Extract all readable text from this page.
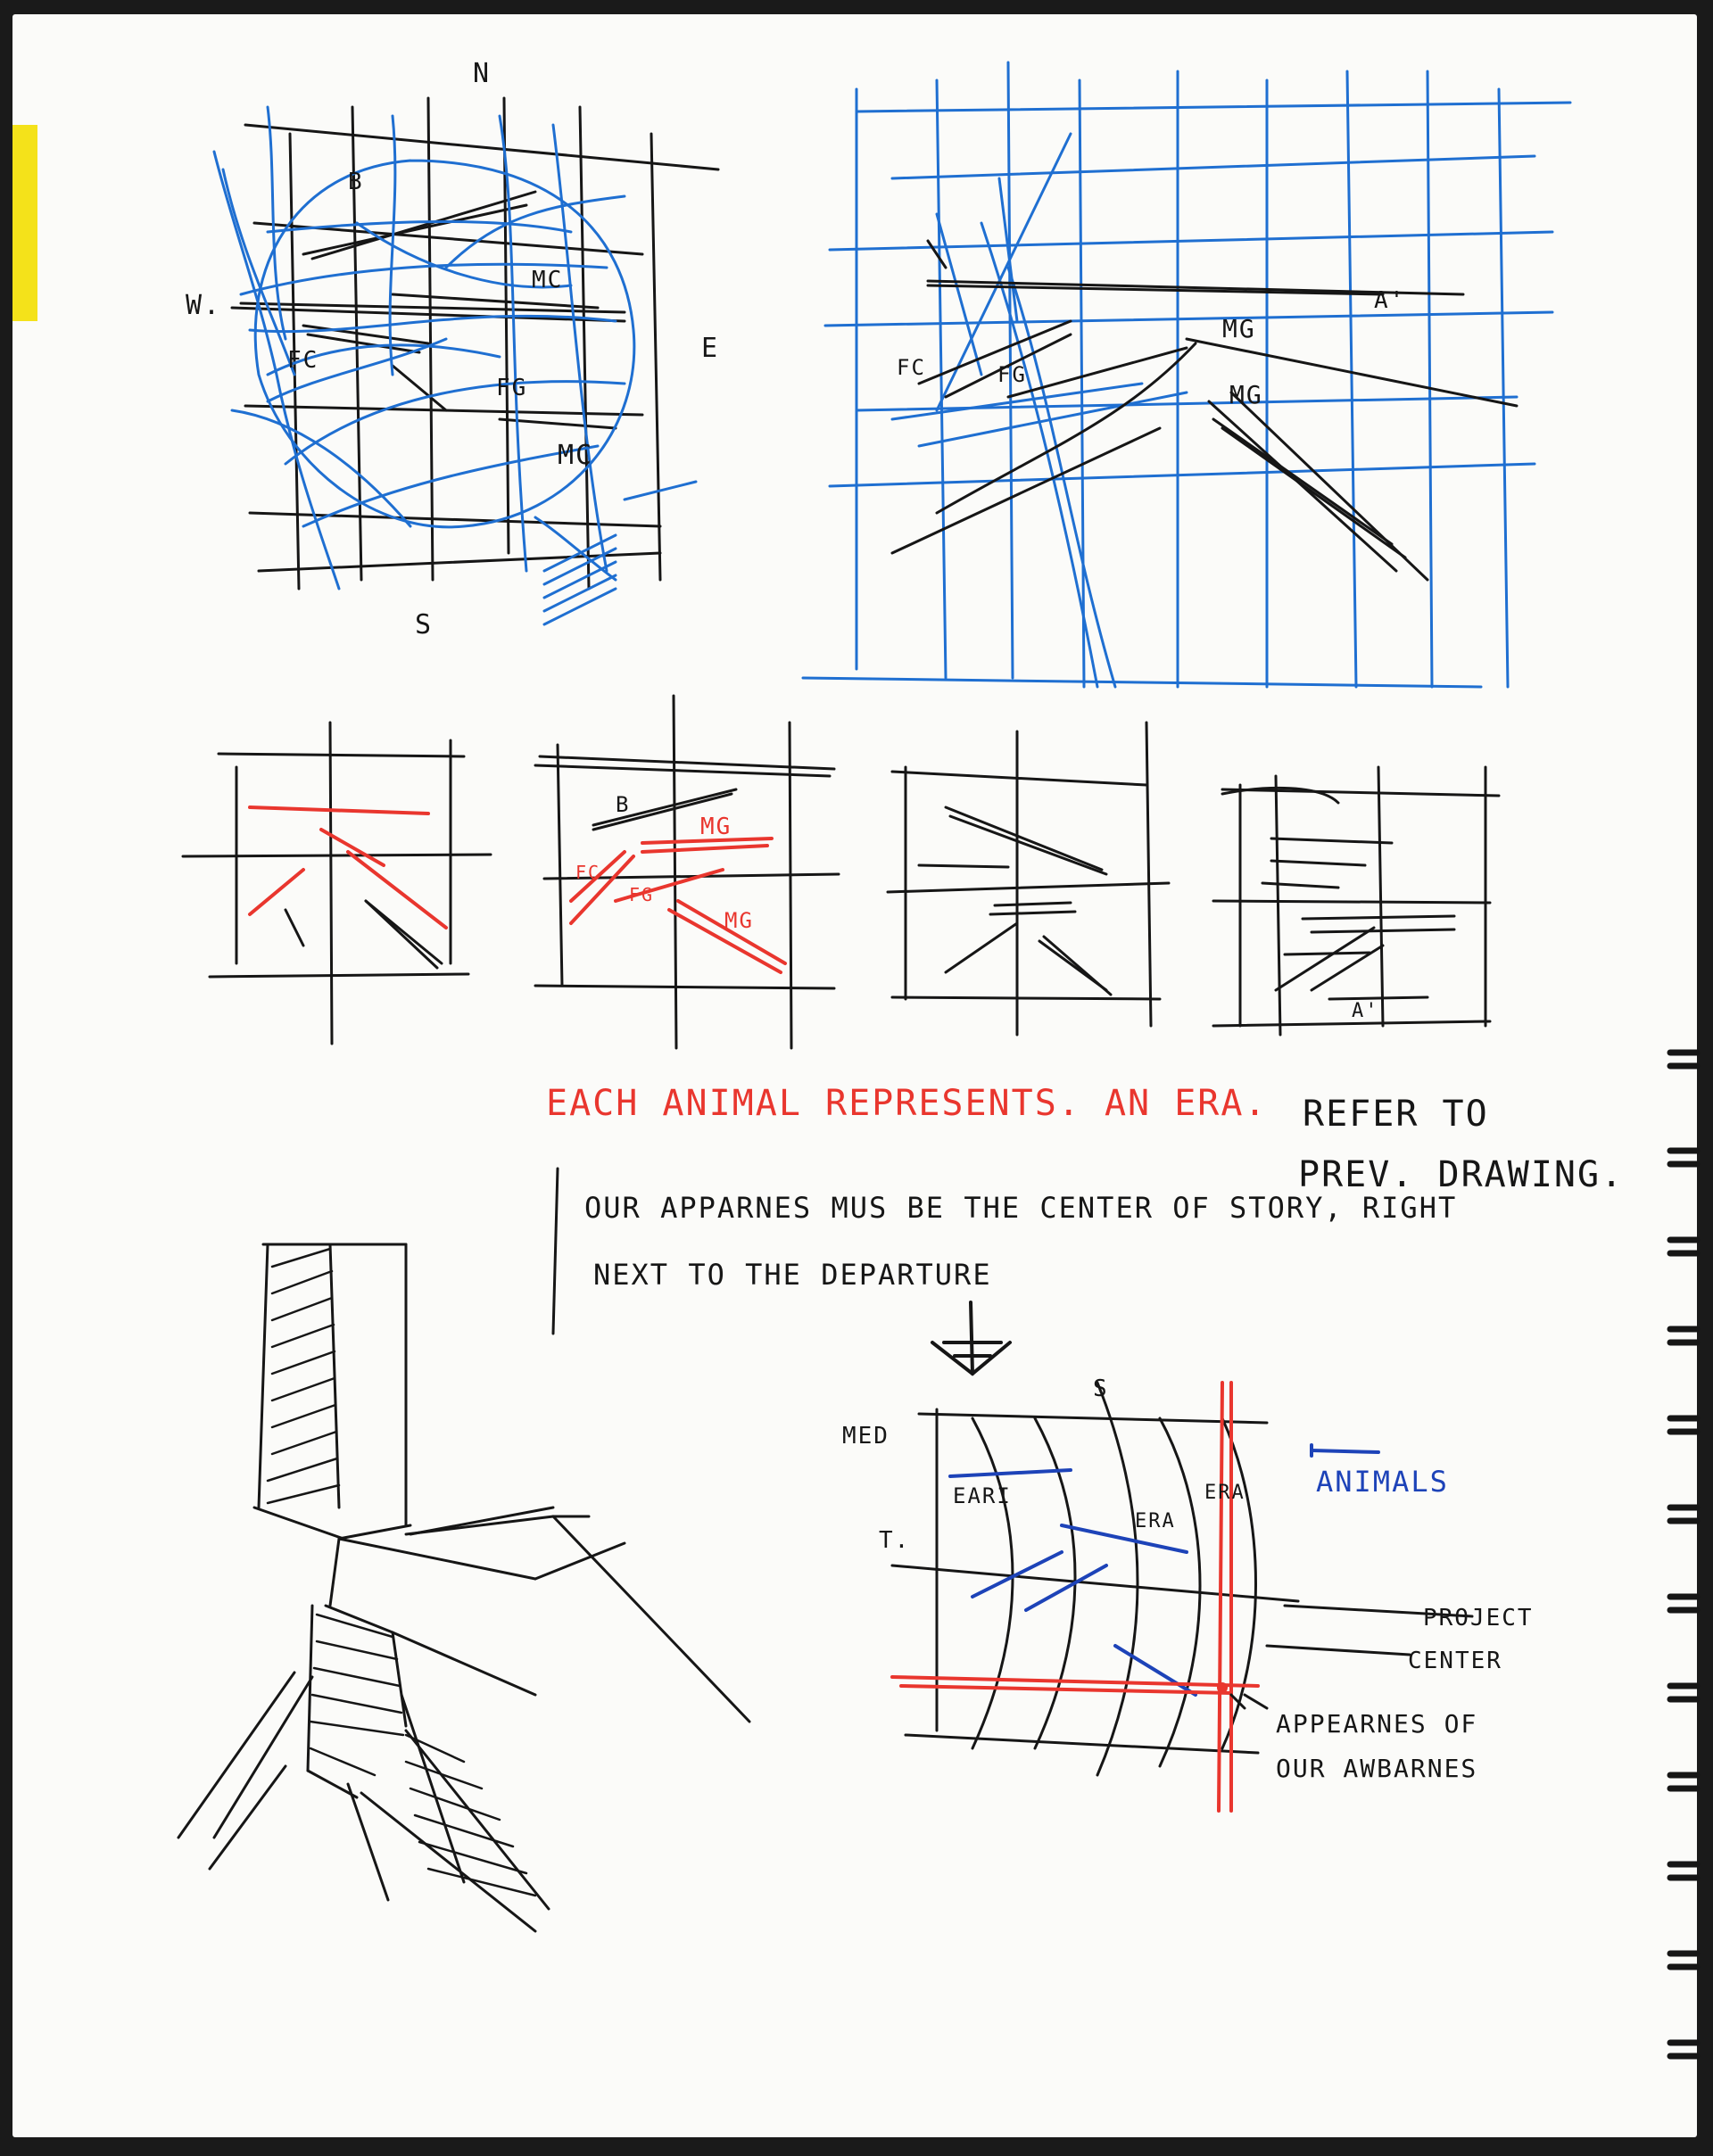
N
S
W.
E
B
MC
FC
FG
MC
A'
MG
MG
FC	FG
B
MG
FC
FG
MG
A'
EACH ANIMAL REPRESENTS. AN ERA. REFER TO
PREV. DRAWING.
OUR APPARNES MUS BE THE CENTER OF STORY, RIGHT
NEXT TO THE DEPARTURE
S
MED
T.
EARI
ERA
ERA ANIMALS
PROJECT
CENTER
APPEARNES OF
OUR AWBARNES
